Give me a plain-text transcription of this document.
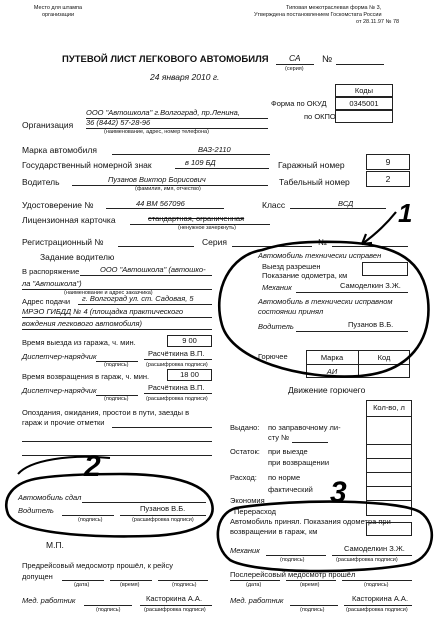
Место для штампа
организации
Типовая межотраслевая форма № 3,
Утверждена постановлением Госкомстата России
от 28.11.97 № 78
ПУТЕВОЙ ЛИСТ ЛЕГКОВОГО АВТОМОБИЛЯ СА
(серия)
№
24 января 2010 г.
Коды
0345001
Форма по ОКУД
по ОКПО
Организация
ООО "Автошкола" г.Волгоград, пр.Ленина,
36 (8442) 57-28-96
(наименование, адрес, номер телефона)
Марка автомобиля	ВАЗ-2110
Государственный номерной знак	в 109 БД	Гаражный номер	9
Водитель	Пузанов Виктор Борисович
(фамилия, имя, отчество)
Табельный номер	2
Удостоверение №	44 ВМ 567096	Класс	ВСД
Лицензионная карточка	стандартная, ограниченная
(ненужное зачеркнуть)
Регистрационный №	Серия	№
Задание водителю
В распоряжение	ООО "Автошкола" (автошко-
ла "Автошкола")
(наименование и адрес заказчика)
Адрес подачи г. Волгоград ул. ст. Садовая, 5
МРЭО ГИБДД № 4 (площадка практического
вождения легкового автомобиля)
Время выезда из гаража, ч. мин.	9 00
Диспетчер-нарядчик	Расчёткина В.П.
(подпись)	(расшифровка подписи)
Время возвращения в гараж, ч. мин.	18 00
Диспетчер-нарядчик	Расчёткина В.П.
(подпись)	(расшифровка подписи)
Опоздания, ожидания, простои в пути, заезды в
гараж и прочие отметки
Автомобиль технически исправен
Выезд разрешен
Показание одометра, км
Механик	Самоделкин З.Ж.
Автомобиль в технически исправном
состоянии принял
Водитель	Пузанов В.Б.
Горючее	Марка	Код
АИ
Движение горючего
Кол-во, л
Выдано: по заправочному ли-
сту №
Остаток: при выезде
при возвращении
Расход: по норме
фактический
Экономия
Перерасход
Автомобиль сдал
Водитель	Пузанов В.Б.
(подпись)	(расшифровка подписи)	Автомобиль принял. Показания одометра при
возвращении в гараж, км
Механик	Самоделкин З.Ж.
(подпись)	(расшифровка подписи)
М.П.
Предрейсовый медосмотр прошёл, к рейсу
допущен
(дата)	(время)	(подпись)
Мед. работник	Касторкина А.А.
(подпись)	(расшифровка подписи)
Послерейсовый медосмотр прошёл
(дата)	(время)	(подпись)
Мед. работник	Касторкина А.А.
(подпись)	(расшифровка подписи)
1
2
3
